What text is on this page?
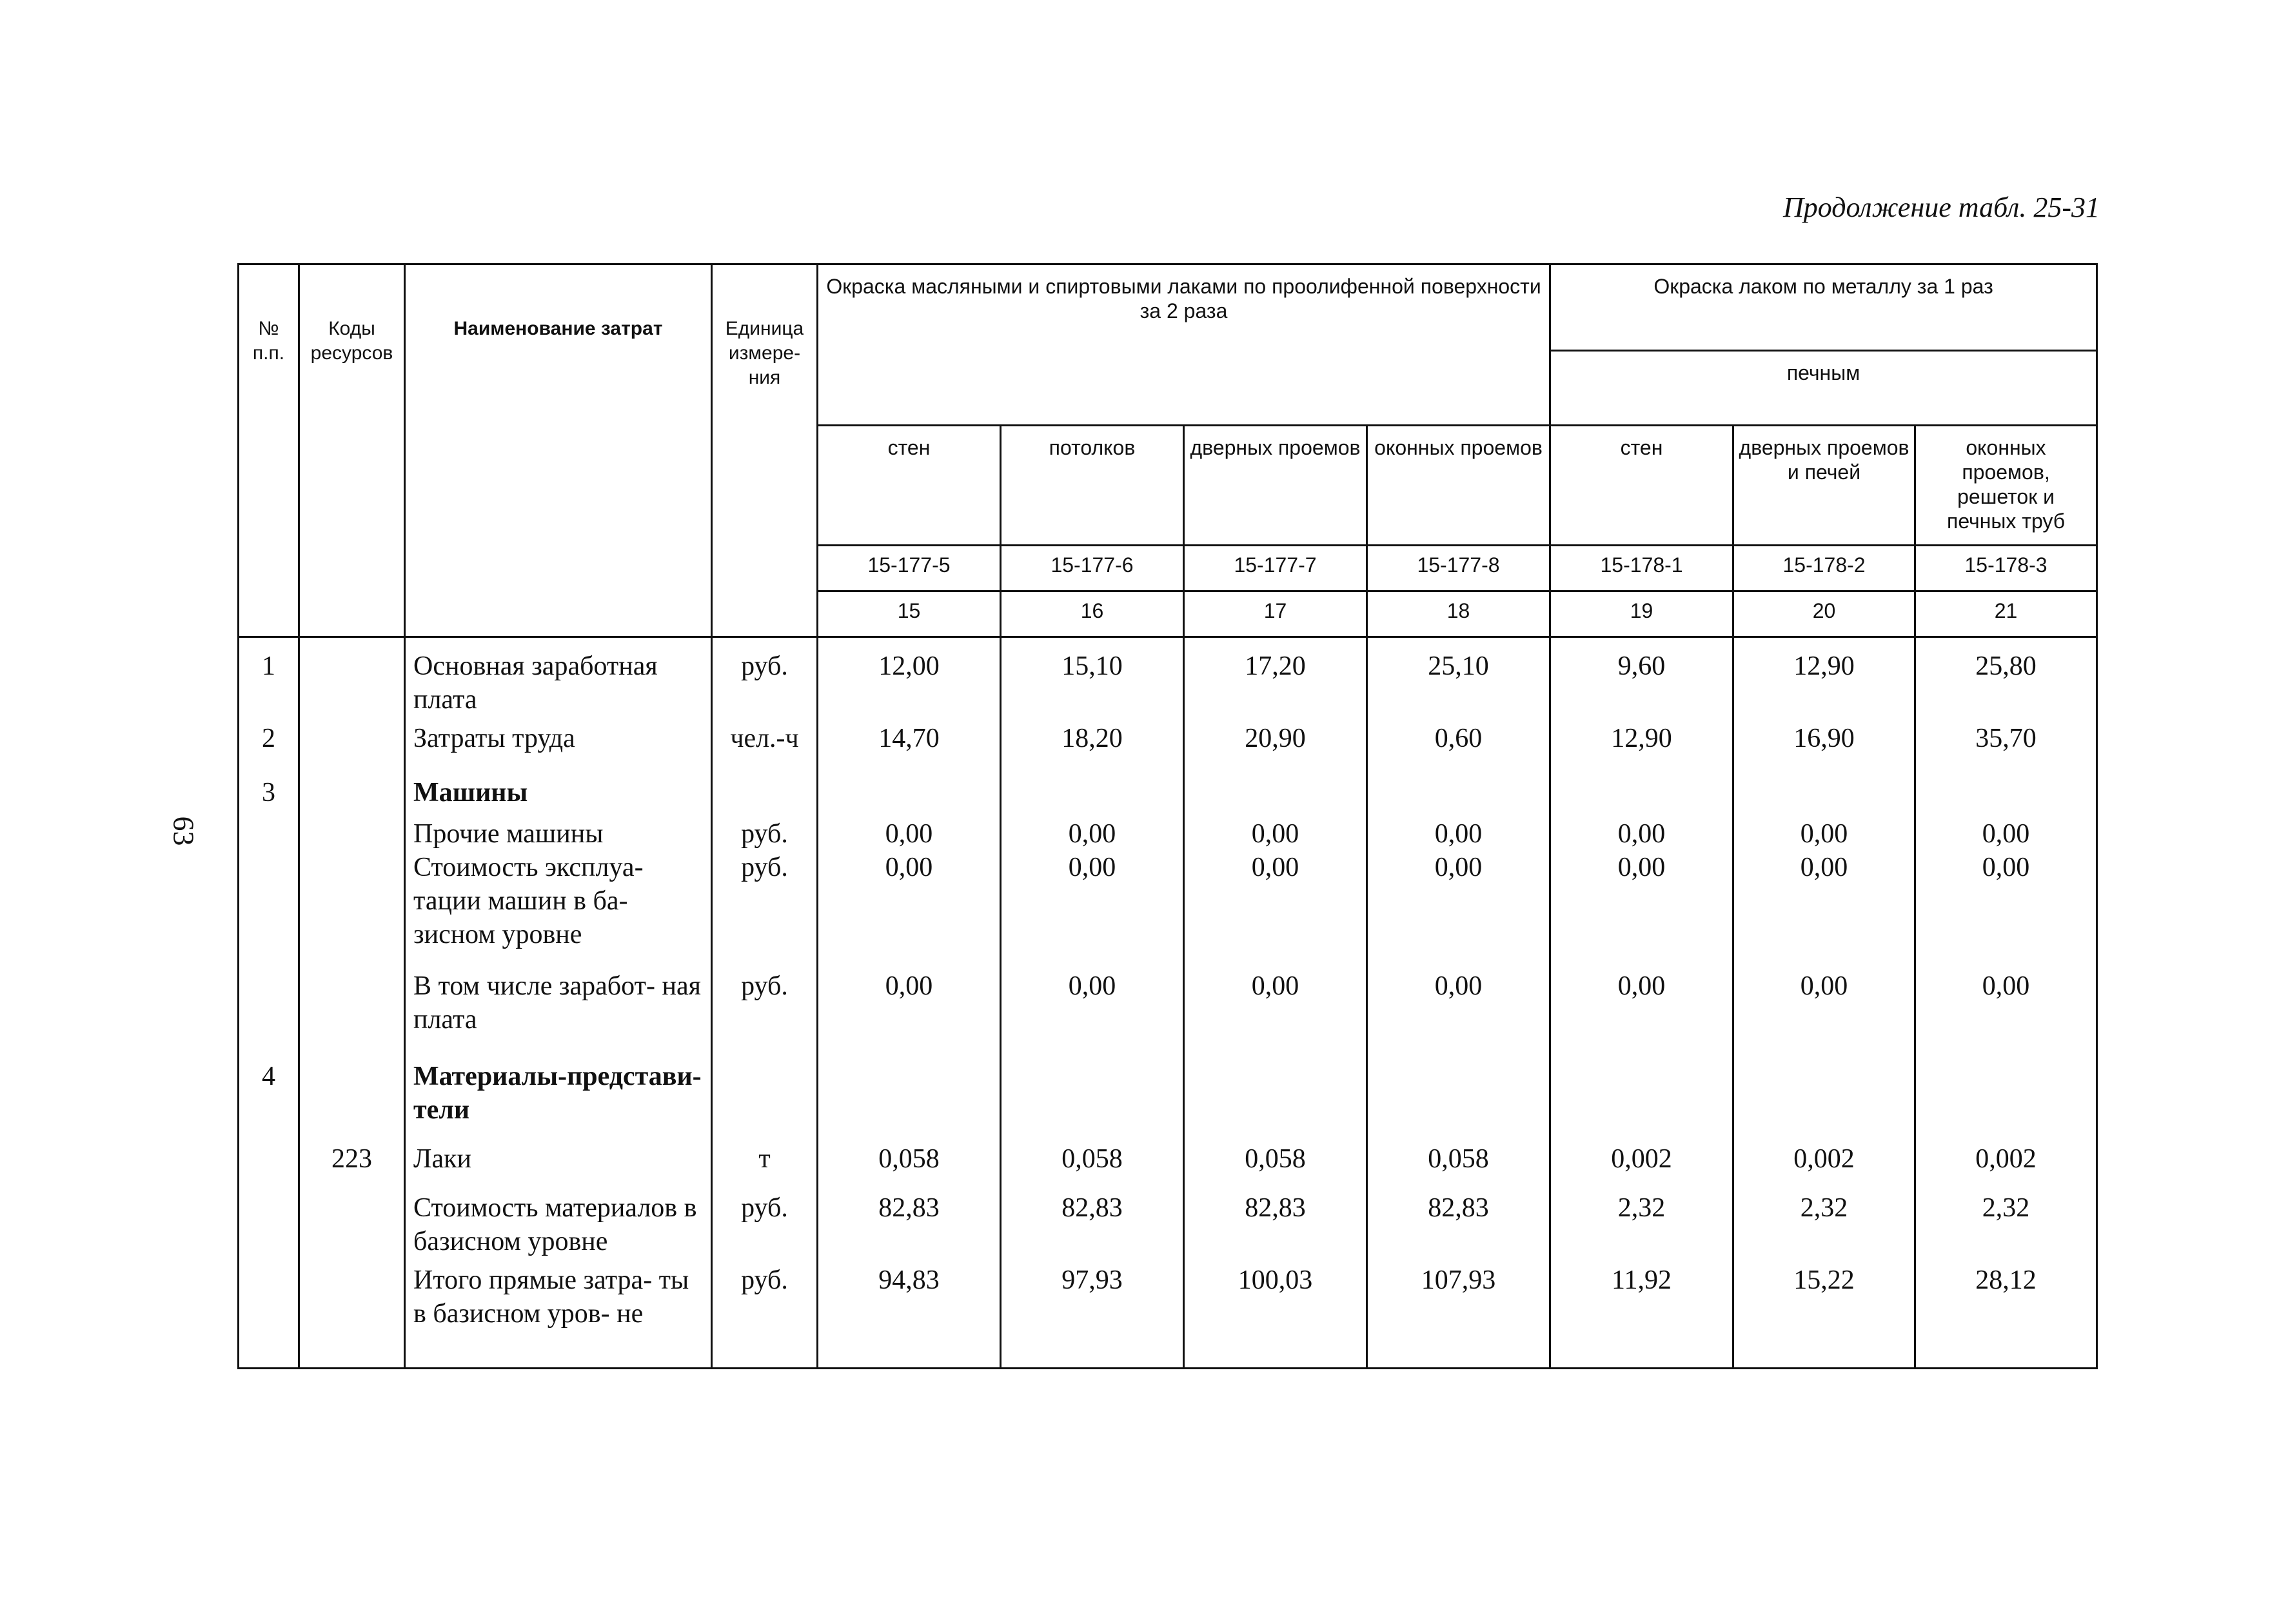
Продолжение табл. 25-31
63
№ п.п.	Коды ресурсов	Наименование затрат	Единица измере- ния	Окраска масляными и спиртовыми лаками по проолифенной поверхности за 2 раза				Окраска лаком по металлу за 1 раз		
								печным		
				стен	потолков	дверных проемов	оконных проемов	стен	дверных проемов и печей	оконных проемов, решеток и печных труб
				15-177-5	15-177-6	15-177-7	15-177-8	15-178-1	15-178-2	15-178-3
				15	16	17	18	19	20	21
1		Основная заработная плата	руб.	12,00	15,10	17,20	25,10	9,60	12,90	25,80
2		Затраты труда	чел.-ч	14,70	18,20	20,90	0,60	12,90	16,90	35,70
3		Машины								
		Прочие машины	руб.	0,00	0,00	0,00	0,00	0,00	0,00	0,00
		Стоимость эксплуа- тации машин в ба- зисном уровне	руб.	0,00	0,00	0,00	0,00	0,00	0,00	0,00
		В том числе заработ- ная плата	руб.	0,00	0,00	0,00	0,00	0,00	0,00	0,00
4		Материалы-представи- тели								
	223	Лаки	т	0,058	0,058	0,058	0,058	0,002	0,002	0,002
		Стоимость материалов в базисном уровне	руб.	82,83	82,83	82,83	82,83	2,32	2,32	2,32
		Итого прямые затра- ты в базисном уров- не	руб.	94,83	97,93	100,03	107,93	11,92	15,22	28,12
